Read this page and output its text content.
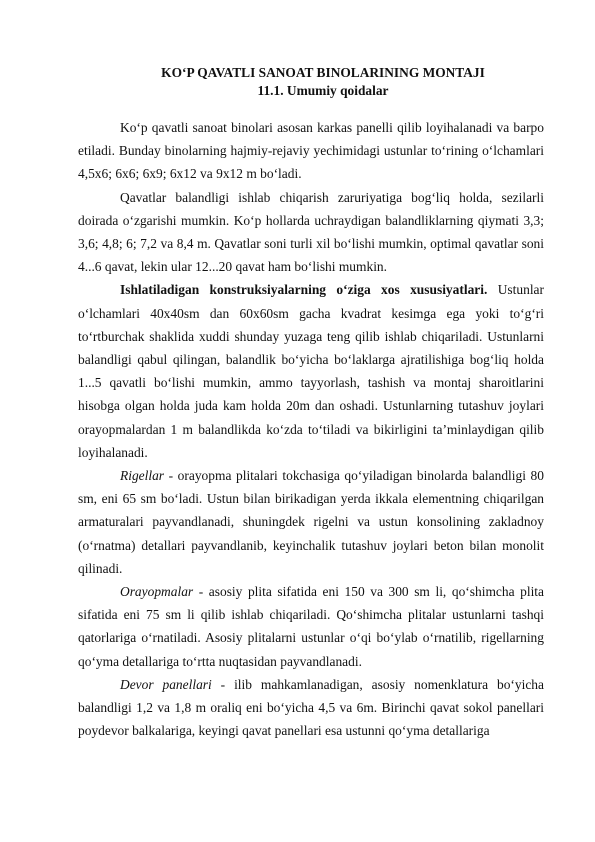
KO‘P QAVATLI SANOAT BINOLARINING MONTAJI

11.1. Umumiy qoidalar

Ko‘p qavatli sanoat binolari asosan karkas panelli qilib loyihalanadi va barpo etiladi. Bunday binolarning hajmiy-rejaviy yechimidagi ustunlar to‘rining o‘lchamlari 4,5x6; 6x6; 6x9; 6x12 va 9x12 m bo‘ladi.

Qavatlar balandligi ishlab chiqarish zaruriyatiga bog‘liq holda, sezilarli doirada o‘zgarishi mumkin. Ko‘p hollarda uchraydigan balandliklarning qiymati 3,3; 3,6; 4,8; 6; 7,2 va 8,4 m. Qavatlar soni turli xil bo‘lishi mumkin, optimal qavatlar soni 4...6 qavat, lekin ular 12...20 qavat ham bo‘lishi mumkin.

Ishlatiladigan konstruksiyalarning o‘ziga xos xususiyatlari. Ustunlar o‘lchamlari 40x40sm dan 60x60sm gacha kvadrat kesimga ega yoki to‘g‘ri to‘rtburchak shaklida xuddi shunday yuzaga teng qilib ishlab chiqariladi. Ustunlarni balandligi qabul qilingan, balandlik bo‘yicha bo‘laklarga ajratilishiga bog‘liq holda 1...5 qavatli bo‘lishi mumkin, ammo tayyorlash, tashish va montaj sharoitlarini hisobga olgan holda juda kam holda 20m dan oshadi. Ustunlarning tutashuv joylari orayopmalardan 1 m balandlikda ko‘zda to‘tiladi va bikirligini ta’minlaydigan qilib loyihalanadi.

Rigellar - orayopma plitalari tokchasiga qo‘yiladigan binolarda balandligi 80 sm, eni 65 sm bo‘ladi. Ustun bilan birikadigan yerda ikkala elementning chiqarilgan armaturalari payvandlanadi, shuningdek rigelni va ustun konsolining zakladnoy (o‘rnatma) detallari payvandlanib, keyinchalik tutashuv joylari beton bilan monolit qilinadi.

Orayopmalar - asosiy plita sifatida eni 150 va 300 sm li, qo‘shimcha plita sifatida eni 75 sm li qilib ishlab chiqariladi. Qo‘shimcha plitalar ustunlarni tashqi qatorlariga o‘rnatiladi. Asosiy plitalarni ustunlar o‘qi bo‘ylab o‘rnatilib, rigellarning qo‘yma detallariga to‘rtta nuqtasidan payvandlanadi.

Devor panellari - ilib mahkamlanadigan, asosiy nomenklatura bo‘yicha balandligi 1,2 va 1,8 m oraliq eni bo‘yicha 4,5 va 6m. Birinchi qavat sokol panellari poydevor balkalariga, keyingi qavat panellari esa ustunni qo‘yma detallariga
